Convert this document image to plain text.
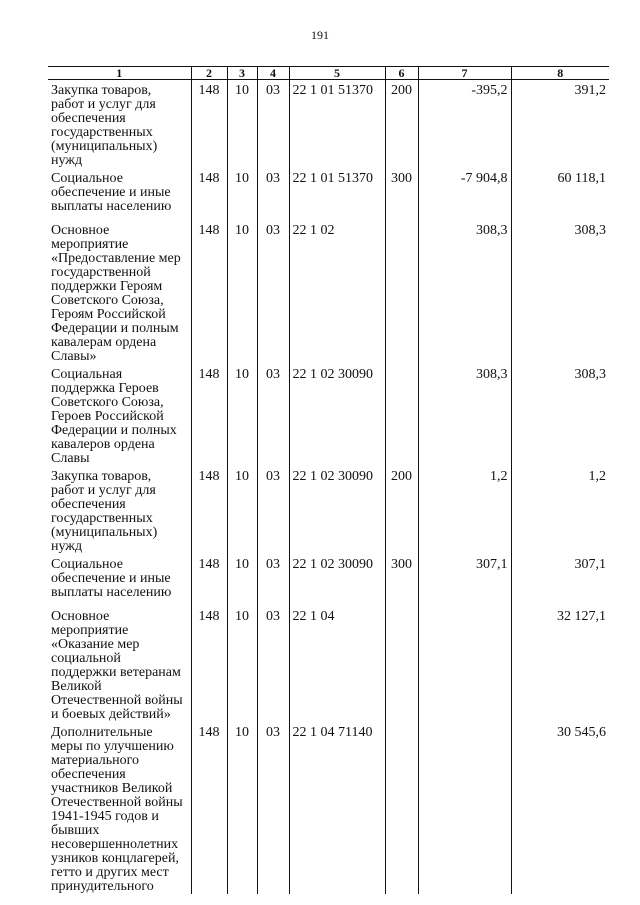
191
1	2	3	4	5	6	7	8
Закупка товаров, работ и услуг для обеспечения государственных (муниципальных) нужд	148	10	03	22 1 01 51370	200	-395,2	391,2
Социальное обеспечение и иные выплаты населению	148	10	03	22 1 01 51370	300	-7 904,8	60 118,1
Основное мероприятие «Предоставление мер государственной поддержки Героям Советского Союза, Героям Российской Федерации и полным кавалерам ордена Славы»	148	10	03	22 1 02		308,3	308,3
Социальная поддержка Героев Советского Союза, Героев Российской Федерации и полных кавалеров ордена Славы	148	10	03	22 1 02 30090		308,3	308,3
Закупка товаров, работ и услуг для обеспечения государственных (муниципальных) нужд	148	10	03	22 1 02 30090	200	1,2	1,2
Социальное обеспечение и иные выплаты населению	148	10	03	22 1 02 30090	300	307,1	307,1
Основное мероприятие «Оказание мер социальной поддержки ветеранам Великой Отечественной войны и боевых действий»	148	10	03	22 1 04			32 127,1
Дополнительные меры по улучшению материального обеспечения участников Великой Отечественной войны 1941-1945 годов и бывших несовершеннолетних узников концлагерей, гетто и других мест принудительного	148	10	03	22 1 04 71140			30 545,6
